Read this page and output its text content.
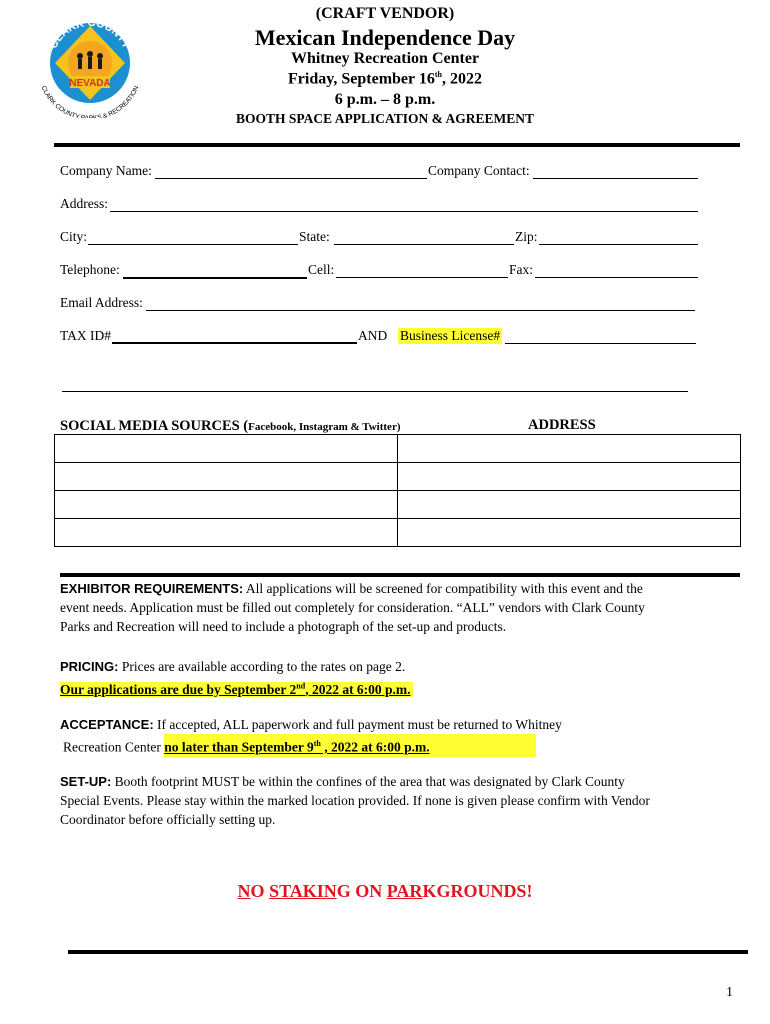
CLARK COUNTY
NEVADA
CLARK COUNTY P S & RECREATION
(CRAFT VENDOR)
Mexican Independence Day
Whitney Recreation Center
Friday, September 16th, 2022
6 p.m. – 8 p.m.
BOOTH SPACE APPLICATION & AGREEMENT
Company Name:	Company Contact:
Address:
City:	State:	Zip:
Telephone:	Cell:	Fax:
Email Address:
TAX ID#	AND Business License#
SOCIAL MEDIA SOURCES (Facebook, Instagram & Twitter)	ADDRESS

EXHIBITOR REQUIREMENTS: All applications will be screened for compatibility with this event and the
event needs. Application must be filled out completely for consideration. “ALL” vendors with Clark County
Parks and Recreation will need to include a photograph of the set-up and products.
PRICING: Prices are available according to the rates on page 2.
Our applications are due by September 2nd, 2022 at 6:00 p.m.
ACCEPTANCE: If accepted, ALL paperwork and full payment must be returned to Whitney
Recreation Center no later than September 9th , 2022 at 6:00 p.m.
SET-UP: Booth footprint MUST be within the confines of the area that was designated by Clark County
Special Events. Please stay within the marked location provided. If none is given please confirm with Vendor
Coordinator before officially setting up.
NO STAKING ON PARKGROUNDS!
1
